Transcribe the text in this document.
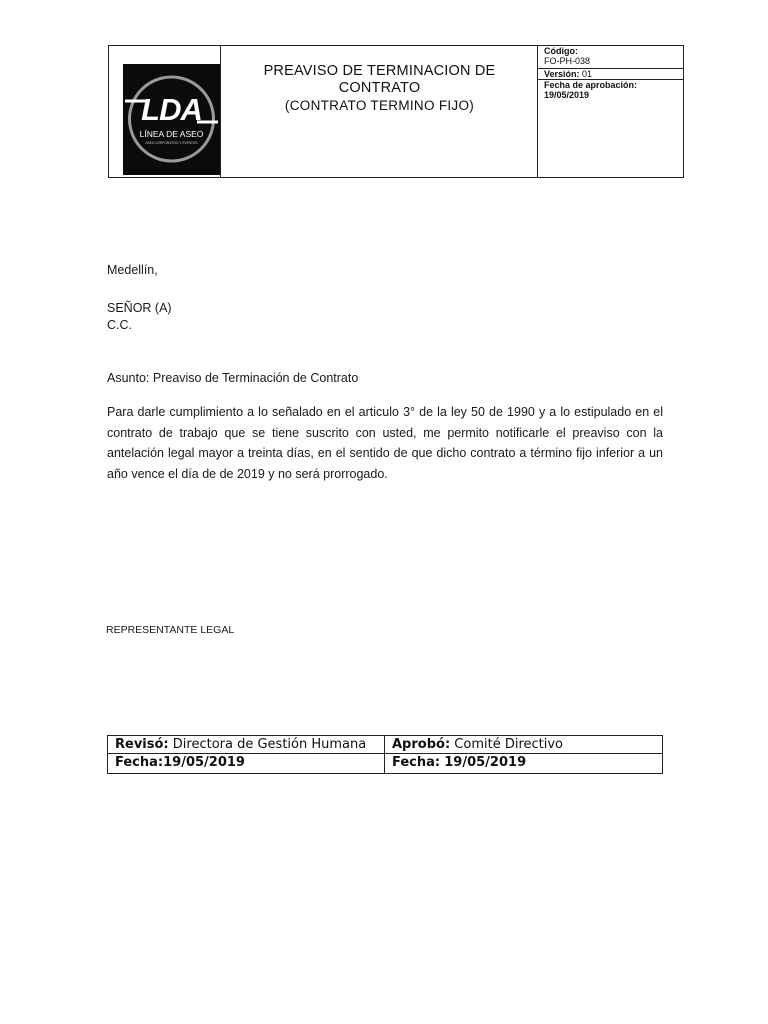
LDA
LÍNEA DE ASEO
ASEO CORPORATIVO Y EVENTOS
PREAVISO DE TERMINACION DE
CONTRATO
(CONTRATO TERMINO FIJO)
Código:
FO-PH-038
Versión: 01
Fecha de aprobación:
19/05/2019
Medellín,
SEÑOR (A)
C.C.
Asunto: Preaviso de Terminación de Contrato
Para darle cumplimiento a lo señalado en el articulo 3° de la ley 50 de 1990 y a lo estipulado en el
contrato de trabajo que se tiene suscrito con usted, me permito notificarle el preaviso con la
antelación legal mayor a treinta días, en el sentido de que dicho contrato a término fijo inferior a un
año vence el día de de 2019 y no será prorrogado.
REPRESENTANTE LEGAL
Revisó: Directora de Gestión Humana	Aprobó: Comité Directivo
Fecha:19/05/2019	Fecha: 19/05/2019
